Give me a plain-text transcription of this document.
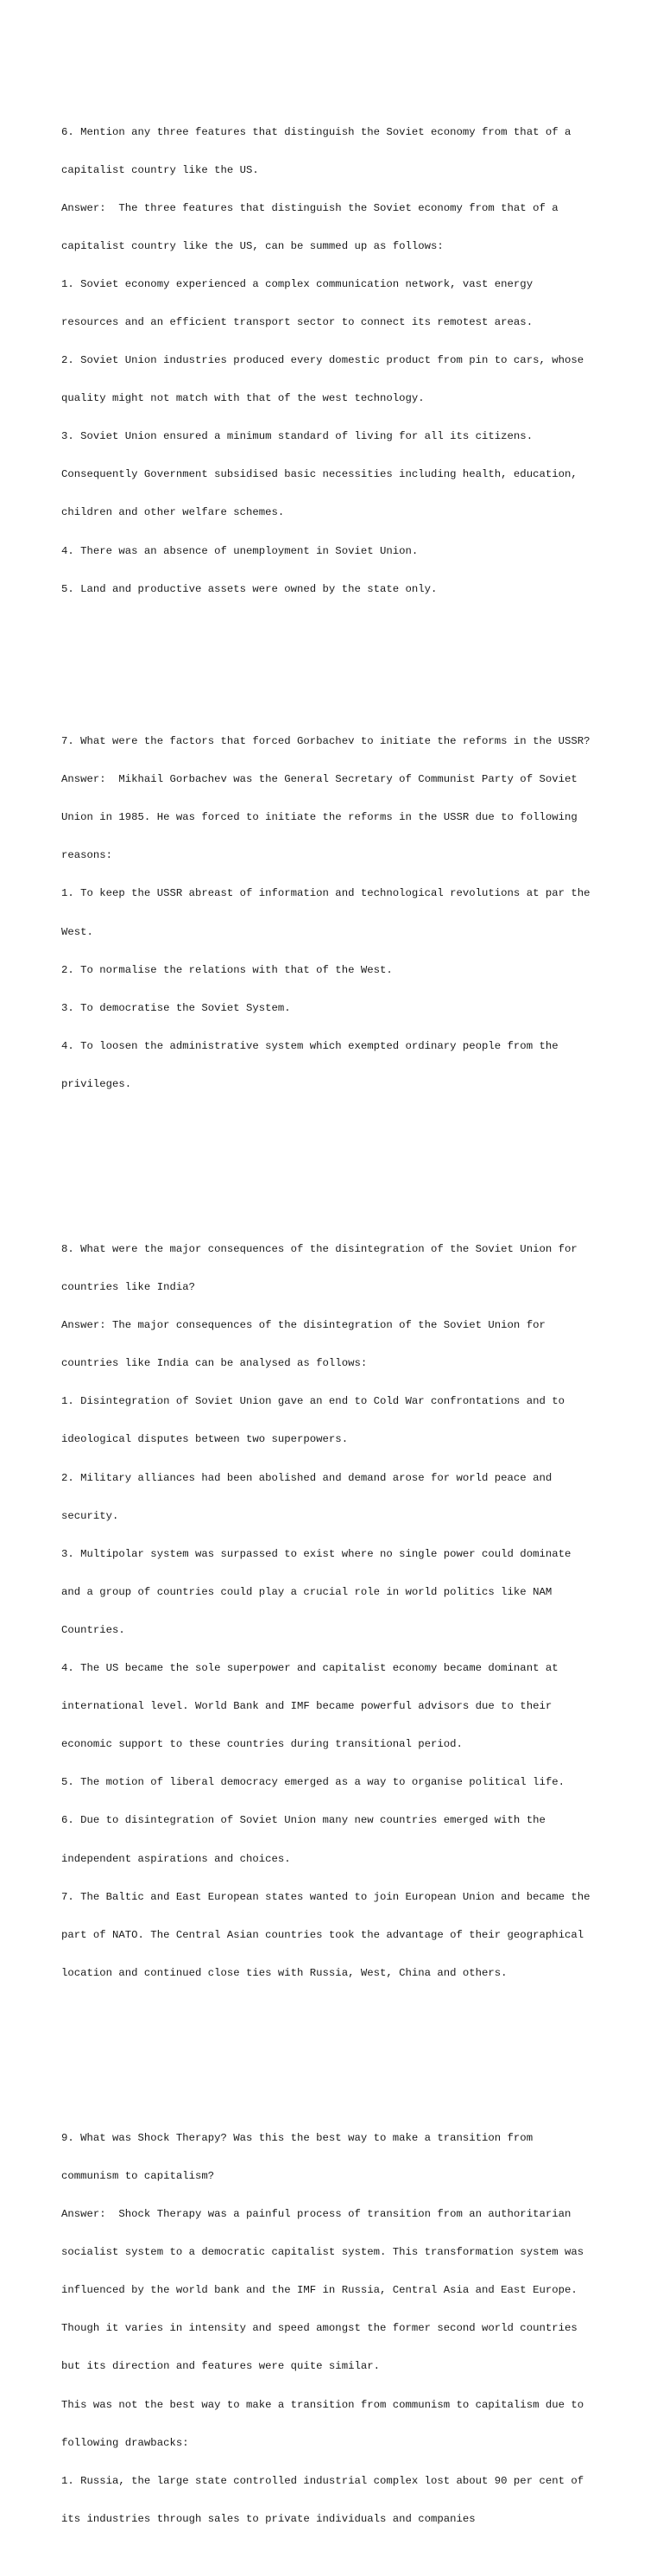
6. Mention any three features that distinguish the Soviet economy from that of a

capitalist country like the US.

Answer:  The three features that distinguish the Soviet economy from that of a

capitalist country like the US, can be summed up as follows:

1. Soviet economy experienced a complex communication network, vast energy

resources and an efficient transport sector to connect its remotest areas.

2. Soviet Union industries produced every domestic product from pin to cars, whose

quality might not match with that of the west technology.

3. Soviet Union ensured a minimum standard of living for all its citizens.

Consequently Government subsidised basic necessities including health, education,

children and other welfare schemes.

4. There was an absence of unemployment in Soviet Union.

5. Land and productive assets were owned by the state only.

7. What were the factors that forced Gorbachev to initiate the reforms in the USSR?

Answer:  Mikhail Gorbachev was the General Secretary of Communist Party of Soviet

Union in 1985. He was forced to initiate the reforms in the USSR due to following

reasons:

1. To keep the USSR abreast of information and technological revolutions at par the

West.

2. To normalise the relations with that of the West.

3. To democratise the Soviet System.

4. To loosen the administrative system which exempted ordinary people from the

privileges.

8. What were the major consequences of the disintegration of the Soviet Union for

countries like India?

Answer: The major consequences of the disintegration of the Soviet Union for

countries like India can be analysed as follows:

1. Disintegration of Soviet Union gave an end to Cold War confrontations and to

ideological disputes between two superpowers.

2. Military alliances had been abolished and demand arose for world peace and

security.

3. Multipolar system was surpassed to exist where no single power could dominate

and a group of countries could play a crucial role in world politics like NAM

Countries.

4. The US became the sole superpower and capitalist economy became dominant at

international level. World Bank and IMF became powerful advisors due to their

economic support to these countries during transitional period.

5. The motion of liberal democracy emerged as a way to organise political life.

6. Due to disintegration of Soviet Union many new countries emerged with the

independent aspirations and choices.

7. The Baltic and East European states wanted to join European Union and became the

part of NATO. The Central Asian countries took the advantage of their geographical

location and continued close ties with Russia, West, China and others.

9. What was Shock Therapy? Was this the best way to make a transition from

communism to capitalism?

Answer:  Shock Therapy was a painful process of transition from an authoritarian

socialist system to a democratic capitalist system. This transformation system was

influenced by the world bank and the IMF in Russia, Central Asia and East Europe.

Though it varies in intensity and speed amongst the former second world countries

but its direction and features were quite similar.

This was not the best way to make a transition from communism to capitalism due to

following drawbacks:

1. Russia, the large state controlled industrial complex lost about 90 per cent of

its industries through sales to private individuals and companies
